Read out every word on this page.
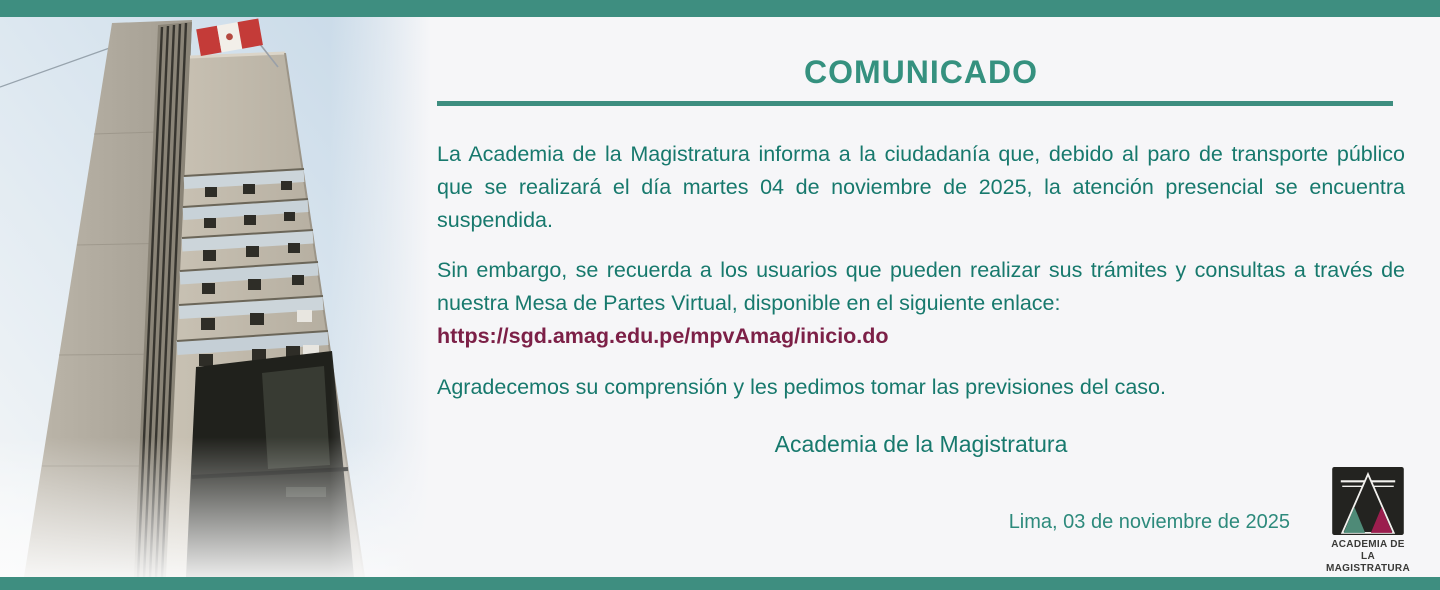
COMUNICADO

La Academia de la Magistratura informa a la ciudadanía que, debido al paro de transporte público que se realizará el día martes 04 de noviembre de 2025, la atención presencial se encuentra suspendida.

Sin embargo, se recuerda a los usuarios que pueden realizar sus trámites y consultas a través de nuestra Mesa de Partes Virtual, disponible en el siguiente enlace:

https://sgd.amag.edu.pe/mpvAmag/inicio.do

Agradecemos su comprensión y les pedimos tomar las previsiones del caso.

Academia de la Magistratura
Lima, 03 de noviembre de 2025
ACADEMIA DE
LA MAGISTRATURA
